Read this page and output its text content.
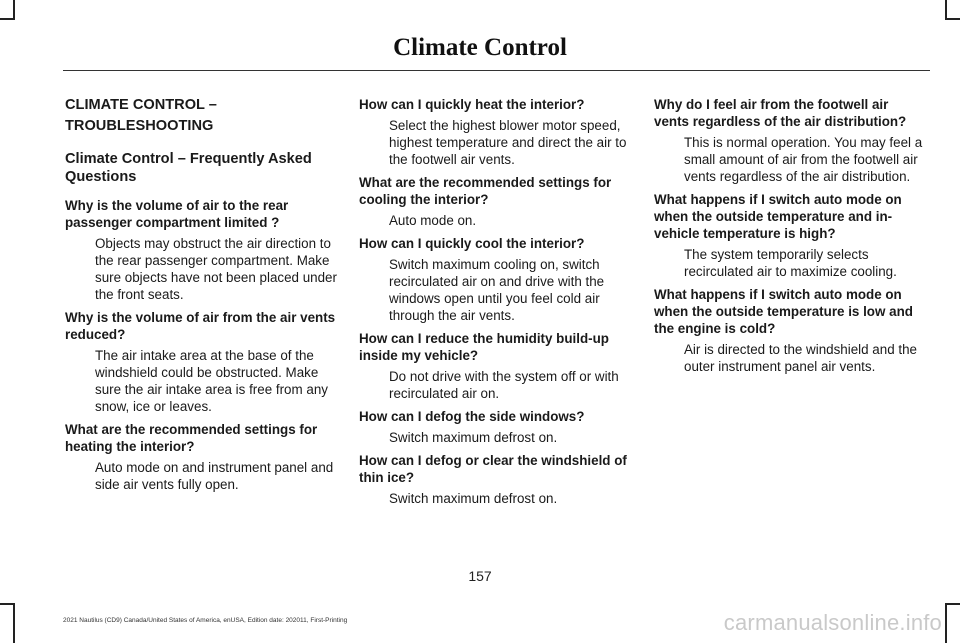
Climate Control
CLIMATE CONTROL –
TROUBLESHOOTING
Climate Control – Frequently Asked Questions
Why is the volume of air to the rear passenger compartment limited ?
Objects may obstruct the air direction to the rear passenger compartment. Make sure objects have not been placed under the front seats.
Why is the volume of air from the air vents reduced?
The air intake area at the base of the windshield could be obstructed. Make sure the air intake area is free from any snow, ice or leaves.
What are the recommended settings for heating the interior?
Auto mode on and instrument panel and side air vents fully open.
How can I quickly heat the interior?
Select the highest blower motor speed, highest temperature and direct the air to the footwell air vents.
What are the recommended settings for cooling the interior?
Auto mode on.
How can I quickly cool the interior?
Switch maximum cooling on, switch recirculated air on and drive with the windows open until you feel cold air through the air vents.
How can I reduce the humidity build-up inside my vehicle?
Do not drive with the system off or with recirculated air on.
How can I defog the side windows?
Switch maximum defrost on.
How can I defog or clear the windshield of thin ice?
Switch maximum defrost on.
Why do I feel air from the footwell air vents regardless of the air distribution?
This is normal operation. You may feel a small amount of air from the footwell air vents regardless of the air distribution.
What happens if I switch auto mode on when the outside temperature and in-vehicle temperature is high?
The system temporarily selects recirculated air to maximize cooling.
What happens if I switch auto mode on when the outside temperature is low and the engine is cold?
Air is directed to the windshield and the outer instrument panel air vents.
157
2021 Nautilus (CD9) Canada/United States of America, enUSA, Edition date: 202011, First-Printing	carmanualsonline.info
